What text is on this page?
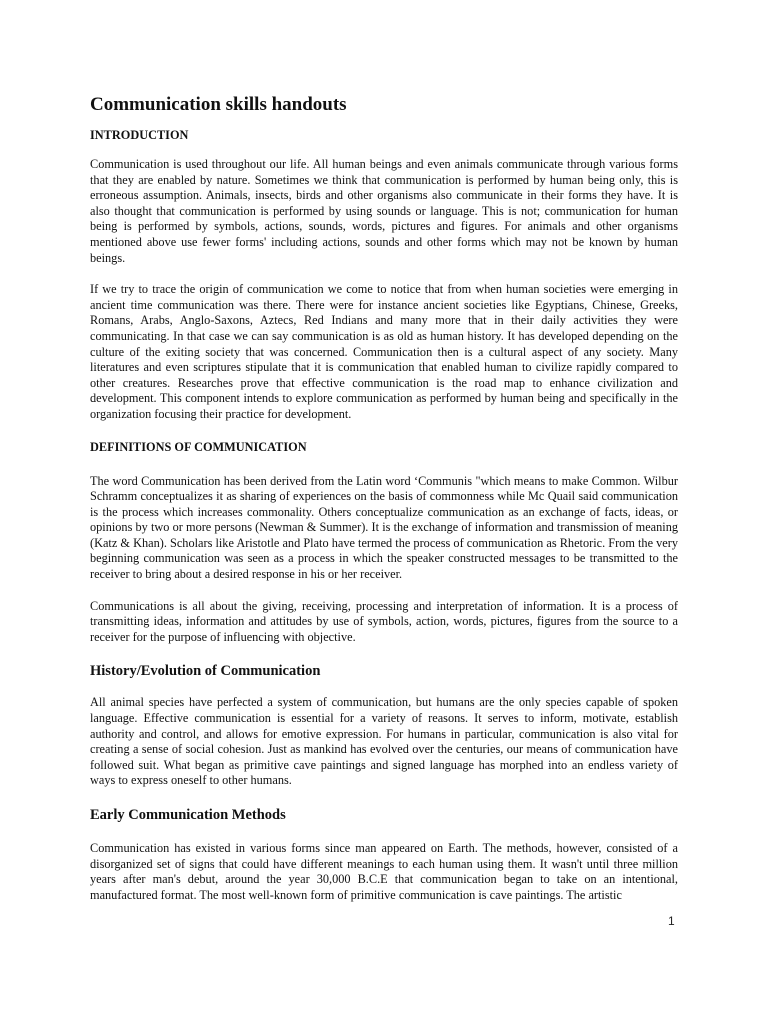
Communication skills handouts
INTRODUCTION

Communication is used throughout our life. All human beings and even animals communicate through various forms that they are enabled by nature. Sometimes we think that communication is performed by human being only, this is erroneous assumption. Animals, insects, birds and other organisms also communicate in their forms they have. It is also thought that communication is performed by using sounds or language. This is not; communication for human being is performed by symbols, actions, sounds, words, pictures and figures. For animals and other organisms mentioned above use fewer forms' including actions, sounds and other forms which may not be known by human beings.

If we try to trace the origin of communication we come to notice that from when human societies were emerging in ancient time communication was there. There were for instance ancient societies like Egyptians, Chinese, Greeks, Romans, Arabs, Anglo-Saxons, Aztecs, Red Indians and many more that in their daily activities they were communicating. In that case we can say communication is as old as human history. It has developed depending on the culture of the exiting society that was concerned. Communication then is a cultural aspect of any society. Many literatures and even scriptures stipulate that it is communication that enabled human to civilize rapidly compared to other creatures. Researches prove that effective communication is the road map to enhance civilization and development. This component intends to explore communication as performed by human being and specifically in the organization focusing their practice for development.

DEFINITIONS OF COMMUNICATION

The word Communication has been derived from the Latin word ‘Communis "which means to make Common. Wilbur Schramm conceptualizes it as sharing of experiences on the basis of commonness while Mc Quail said communication is the process which increases commonality. Others conceptualize communication as an exchange of facts, ideas, or opinions by two or more persons (Newman & Summer). It is the exchange of information and transmission of meaning (Katz & Khan). Scholars like Aristotle and Plato have termed the process of communication as Rhetoric. From the very beginning communication was seen as a process in which the speaker constructed messages to be transmitted to the receiver to bring about a desired response in his or her receiver.

Communications is all about the giving, receiving, processing and interpretation of information. It is a process of transmitting ideas, information and attitudes by use of symbols, action, words, pictures, figures from the source to a receiver for the purpose of influencing with objective.

History/Evolution of Communication

All animal species have perfected a system of communication, but humans are the only species capable of spoken language. Effective communication is essential for a variety of reasons. It serves to inform, motivate, establish authority and control, and allows for emotive expression. For humans in particular, communication is also vital for creating a sense of social cohesion. Just as mankind has evolved over the centuries, our means of communication have followed suit. What began as primitive cave paintings and signed language has morphed into an endless variety of ways to express oneself to other humans.

Early Communication Methods

Communication has existed in various forms since man appeared on Earth. The methods, however, consisted of a disorganized set of signs that could have different meanings to each human using them. It wasn't until three million years after man's debut, around the year 30,000 B.C.E that communication began to take on an intentional, manufactured format. The most well-known form of primitive communication is cave paintings. The artistic

1
